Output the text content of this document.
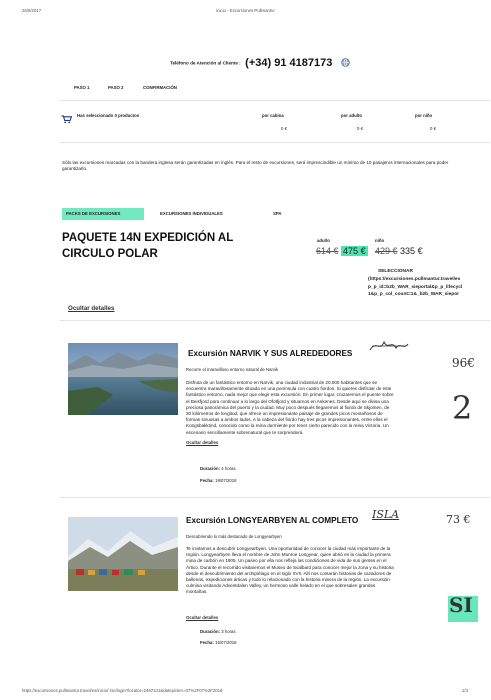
26/8/2017	inicio - Excursiones Pullmantur
Teléfono de Atención al Cliente : (+34) 91 4187173
PASO 1	PASO 2	CONFIRMACIÓN
Has seleccionado 0 productos	por cabina
0 €
por adulto
0 €
por niño
0 €
Sólo las excursiones marcadas con la bandera inglesa serán garantizadas en inglés. Para el resto de excursiones, será imprescindible un mínimo de 10 pasajeros internacionales para poder garantizarlo.
PACKS DE EXCURSIONES	EXCURSIONES INDIVIDUALES	SPA
PAQUETE 14N EXPEDICIÓN AL
CIRCULO POLAR
adulto	niño
614 € 475 € 429 € 335 €
SELECCIONAR
(https://excursiones.pullmantur.travel/es
p_p_id=b2b_WAR_sieportal&p_p_lifecycl
1&p_p_col_count=1&_b2b_WAR_siepor
Ocultar detalles
Excursión NARVIK Y SUS ALREDEDORES
Recorre el maravilloso entorno natural de Narvik
Disfruta de un fantástico entorno en Narvik, una ciudad industrial de 20.000 habitantes que se
encuentra maravillosamente situada en una península con cuatro fiordos. Si quieres disfrutar de este
fantástico entorno, nada mejor que elegir esta excursión. En primer lugar, cruzaremos el puente sobre
el Beisfjord para continuar a lo largo del Ofotfjord y situarnos en Ankenes. Desde aquí se divisa una
preciosa panorámica del puerto y la ciudad. Muy poco después llegaremos al fiordo de Skjomen, de
20 kilómetros de longitud, que ofrece un impresionante paisaje de grandes picos montañosos de
formas sinuosas a ambos lados. A la cabeza del fiordo hay tres picos impresionantes, entre ellos el
Kongsbakktind, conocido como la reina durmiente por tener cierto parecido con la reina Victoria. Un
escenario sencillamente sobrenatural que te sorprenderá.
Ocultar detalles
Duración: 4 horas
Fecha: 19/07/2018
96€
2
Excursión LONGYEARBYEN AL COMPLETO
Descubriendo lo más destacado de Longyearbyen
Te invitamos a descubrir Longyearbyen. Una oportunidad de conocer la ciudad más importante de la
región. Longyearbyen lleva el nombre de John Munroe Longyear, quien abrió en la ciudad la primera
mina de carbón en 1905. Un paseo por ella nos refleja las condiciones de vida de sus gentes en el
Ártico. Durante el recorrido visitaremos el Museo de Svalbard para conocer mejor la zona y su historia
desde el descubrimiento del archipiélago en el siglo XVII. Allí nos contarán historias de cazadores de
ballenas, expediciones árticas y todo lo relacionado con la historia minera de la región. La excursión
culmina visitando Adventdalen Valley, un hermoso valle helado en el que sobresalen grandes
montañas.
Ocultar detalles
Duración: 3 horas
Fecha: 15/07/2018
ISLA	73 €
SI
https://excursiones.pullmantur.travel/es/inicio/-/se/login?locator=2467241&datepicker=07%2F07%2F2018	1/3
